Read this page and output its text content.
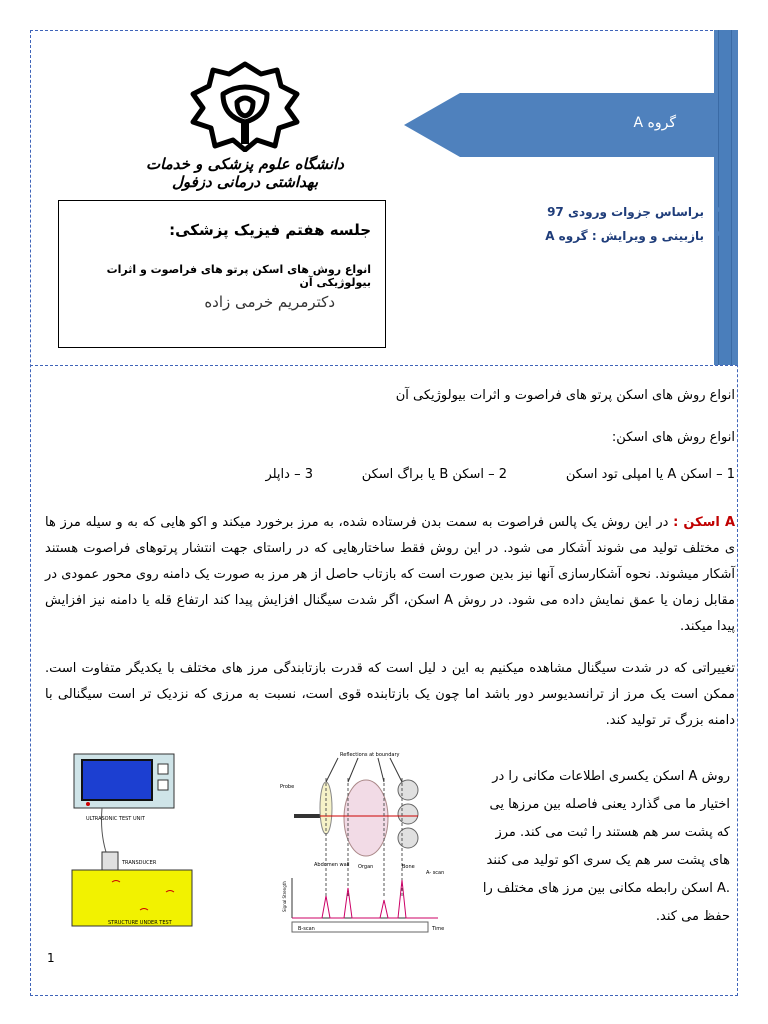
دانشگاه علوم پزشکی و خدمات بهداشتی درمانی دزفول
جلسه هفتم فیزیک پزشکی:
انواع روش های اسکن پرتو های فراصوت و اثرات بیولوژیکی آن
دکترمریم خرمی زاده
گروه A
• براساس جزوات ورودی 97
• بازبینی و ویرایش : گروه A
انواع روش های اسکن پرتو های فراصوت و اثرات بیولوژیکی آن
انواع روش های اسکن:
1 – اسکن A یا امپلی تود اسکن
2 – اسکن B یا براگ اسکن
3 – داپلر
A اسکن : در این روش یک پالس فراصوت به سمت بدن فرستاده شده، به مرز برخورد میکند و اکو هایی که به و سیله مرز ها ی مختلف تولید می شوند آشکار می شود. در این روش فقط ساختارهایی که در راستای جهت انتشار پرتوهای فراصوت هستند آشکار میشوند. نحوه آشکارسازی آنها نیز بدین صورت است که بازتاب حاصل از هر مرز به صورت یک دامنه روی محور عمودی در مقابل زمان یا عمق نمایش داده می شود. در روش A اسکن، اگر شدت سیگنال افزایش پیدا کند ارتفاع قله یا دامنه نیز افزایش پیدا میکند.
تغییراتی که در شدت سیگنال مشاهده میکنیم به این د لیل است که قدرت بازتابندگی مرز های مختلف با یکدیگر متفاوت است. ممکن است یک مرز از ترانسدیوسر دور باشد اما چون یک بازتابنده قوی است، نسبت به مرزی که نزدیک تر است سیگنالی با دامنه بزرگ تر تولید کند.
روش A اسکن یکسری اطلاعات مکانی را در اختیار ما می گذارد یعنی فاصله بین مرزها یی که پشت سر هم هستند را ثبت می کند. مرز های پشت سر هم یک سری اکو تولید می کنند .A اسکن رابطه مکانی بین مرز های مختلف را حفظ می کند.
ULTRASONIC TEST UNIT
TRANSDUCER
STRUCTURE UNDER TEST
Reflections at boundary
Probe
Abdomen wall Organ	Bone
A- scan
Signal Strength
B-scan	Time
1
